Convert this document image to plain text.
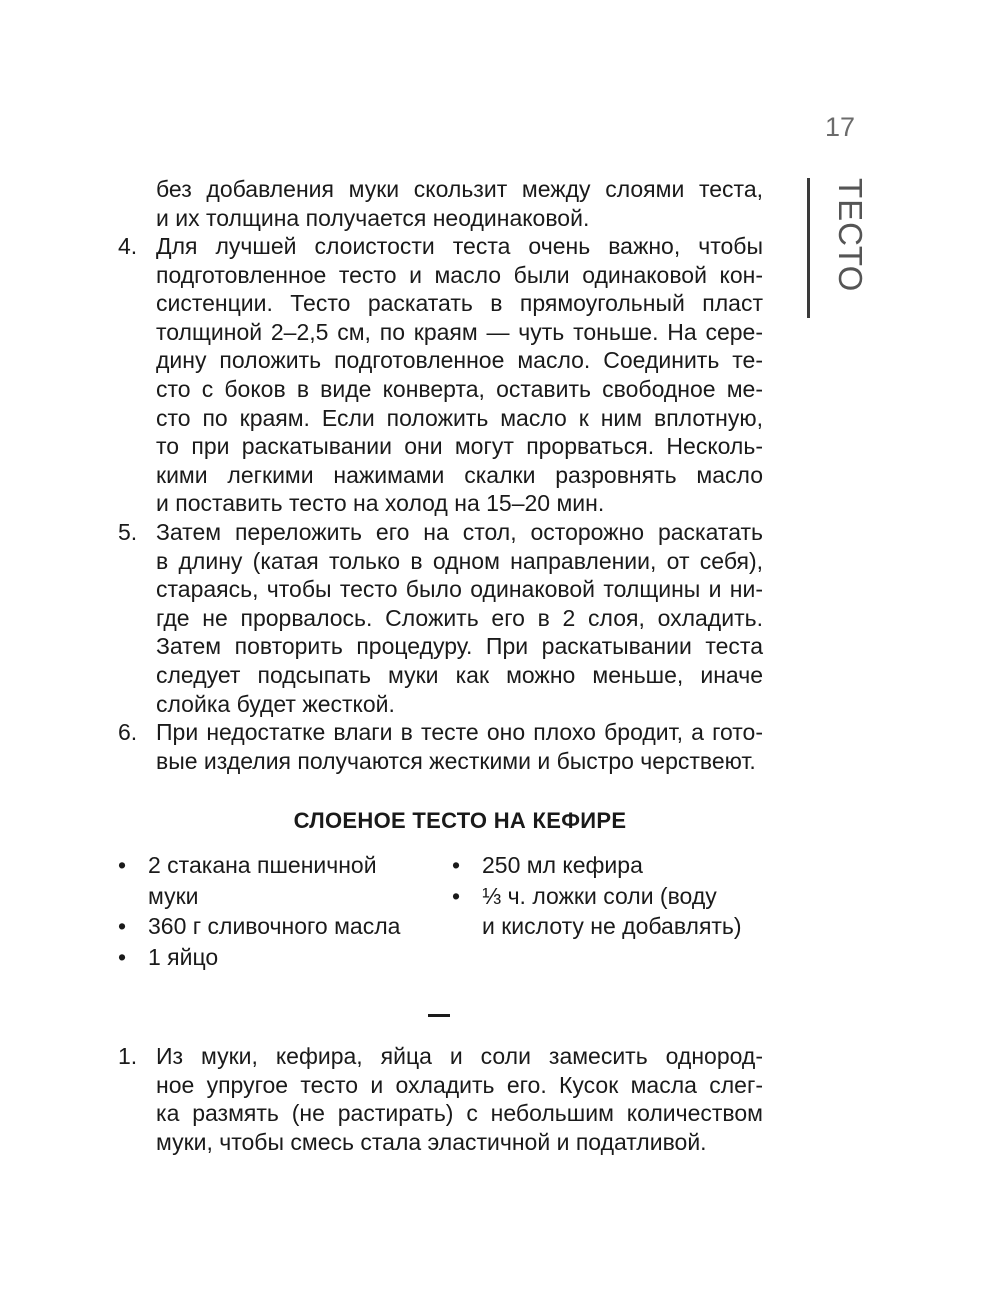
17
ТЕСТО
без добавления муки скользит между слоями теста,
и их толщина получается неодинаковой.
4. Для лучшей слоистости теста очень важно, чтобы
подготовленное тесто и масло были одинаковой кон-
систенции. Тесто раскатать в прямоугольный пласт
толщиной 2–2,5 см, по краям — чуть тоньше. На сере-
дину положить подготовленное масло. Соединить те-
сто с боков в виде конверта, оставить свободное ме-
сто по краям. Если положить масло к ним вплотную,
то при раскатывании они могут прорваться. Несколь-
кими легкими нажимами скалки разровнять масло
и поставить тесто на холод на 15–20 мин.
5. Затем переложить его на стол, осторожно раскатать
в длину (катая только в одном направлении, от себя),
стараясь, чтобы тесто было одинаковой толщины и ни-
где не прорвалось. Сложить его в 2 слоя, охладить.
Затем повторить процедуру. При раскатывании теста
следует подсыпать муки как можно меньше, иначе
слойка будет жесткой.
6. При недостатке влаги в тесте оно плохо бродит, а гото-
вые изделия получаются жесткими и быстро черствеют.
СЛОЕНОЕ ТЕСТО НА КЕФИРЕ
• 2 стакана пшеничной
муки
• 360 г сливочного масла
• 1 яйцо
• 250 мл кефира
• ⅓ ч. ложки соли (воду
и кислоту не добавлять)
1. Из муки, кефира, яйца и соли замесить однород-
ное упругое тесто и охладить его. Кусок масла слег-
ка размять (не растирать) с небольшим количеством
муки, чтобы смесь стала эластичной и податливой.
